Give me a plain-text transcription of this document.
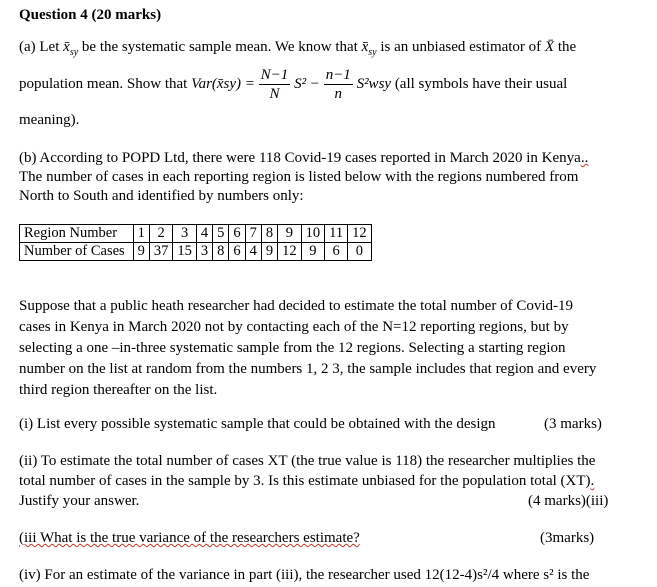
Question 4 (20 marks)
(a) Let $x̄_{sy}$ be the systematic sample mean. We know that $x̄_{sy}$ is an unbiased estimator of X̄ the
population mean. Show that Var(x̄sy) = $\frac{N-1}{N} S^2 - \frac{n-1}{n} S^2wsy$ (all symbols have their usual
meaning).
(b) According to POPD Ltd, there were 118 Covid-19 cases reported in March 2020 in Kenya..
The number of cases in each reporting region is listed below with the regions numbered from
North to South and identified by numbers only:
Region Number	1	2	3	4	5	6	7	8	9	10	11	12
Number of Cases	9	37	15	3	8	6	4	9	12	9	6	0
Suppose that a public heath researcher had decided to estimate the total number of Covid-19
cases in Kenya in March 2020 not by contacting each of the N=12 reporting regions, but by
selecting a one –in-three systematic sample from the 12 regions. Selecting a starting region
number on the list at random from the numbers 1, 2 3, the sample includes that region and every
third region thereafter on the list.
(i) List every possible systematic sample that could be obtained with the design	(3 marks)
(ii) To estimate the total number of cases XT (the true value is 118) the researcher multiplies the
total number of cases in the sample by 3. Is this estimate unbiased for the population total (XT).
Justify your answer.	(4 marks)(iii)
(iii What is the true variance of the researchers estimate?	(3marks)
(iv) For an estimate of the variance in part (iii), the researcher used 12(12-4)s²/4 where s² is the
